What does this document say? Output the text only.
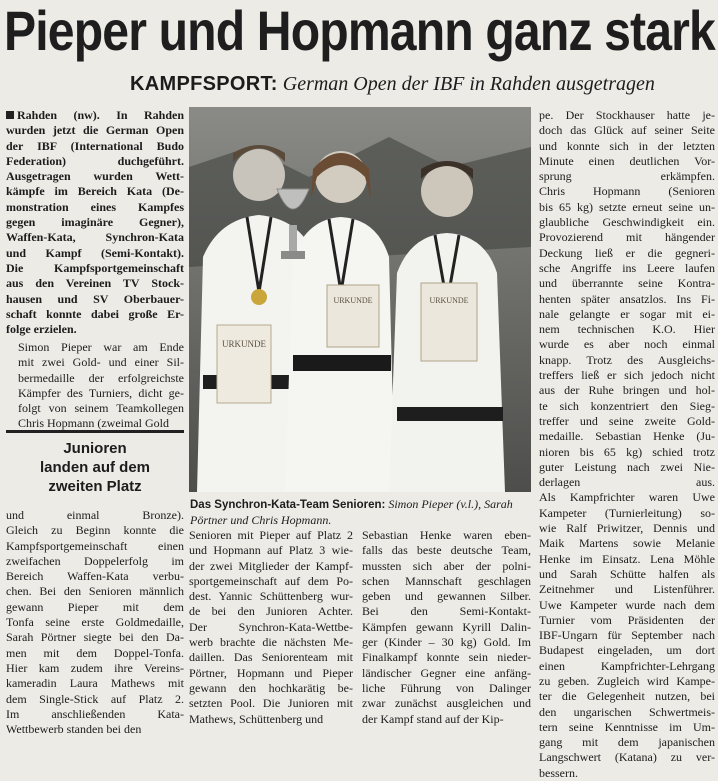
Pieper und Hopmann ganz stark
KAMPFSPORT: German Open der IBF in Rahden ausgetragen

Rahden (nw). In Rahden
wurden jetzt die German Open
der IBF (International Budo
Federation) duchgeführt.
Ausgetragen wurden Wett-
kämpfe im Bereich Kata (De-
monstration eines Kampfes
gegen imaginäre Gegner),
Waffen-Kata, Synchron-Kata
und Kampf (Semi-Kontakt).
Die Kampfsportgemeinschaft
aus den Vereinen TV Stock-
hausen und SV Oberbauer-
schaft konnte dabei große Er-
folge erzielen.

Simon Pieper war am Ende
mit zwei Gold- und einer Sil-
bermedaille der erfolgreichste
Kämpfer des Turniers, dicht ge-
folgt von seinem Teamkollegen
Chris Hopmann (zweimal Gold

Junioren
landen auf dem
zweiten Platz

und einmal Bronze).
Gleich zu Beginn konnte die
Kampfsportgemeinschaft einen
zweifachen Doppelerfolg im
Bereich Waffen-Kata verbu-
chen. Bei den Senioren männlich
gewann Pieper mit dem
Tonfa seine erste Goldmedaille,
Sarah Pörtner siegte bei den Da-
men mit dem Doppel-Tonfa.
Hier kam zudem ihre Vereins-
kameradin Laura Mathews mit
dem Single-Stick auf Platz 2.
Im anschließenden Kata-
Wettbewerb standen bei den

URKUNDE
URKUNDE	URKUNDE
Das Synchron-Kata-Team Senioren: Simon Pieper (v.l.), Sarah Pörtner und Chris Hopmann.

Senioren mit Pieper auf Platz 2
und Hopmann auf Platz 3 wie-
der zwei Mitglieder der Kampf-
sportgemeinschaft auf dem Po-
dest. Yannic Schüttenberg wur-
de bei den Junioren Achter.
Der Synchron-Kata-Wettbe-
werb brachte die nächsten Me-
daillen. Das Seniorenteam mit
Pörtner, Hopmann und Pieper
gewann den hochkarätig be-
setzten Pool. Die Junioren mit
Mathews, Schüttenberg und

Sebastian Henke waren eben-
falls das beste deutsche Team,
mussten sich aber der polni-
schen Mannschaft geschlagen
geben und gewannen Silber.
Bei den Semi-Kontakt-
Kämpfen gewann Kyrill Dalin-
ger (Kinder – 30 kg) Gold. Im
Finalkampf konnte sein nieder-
ländischer Gegner eine anfäng-
liche Führung von Dalinger
zwar zunächst ausgleichen und
der Kampf stand auf der Kip-

pe. Der Stockhauser hatte je-
doch das Glück auf seiner Seite
und konnte sich in der letzten
Minute einen deutlichen Vor-
sprung erkämpfen.
Chris Hopmann (Senioren
bis 65 kg) setzte erneut seine un-
glaubliche Geschwindigkeit ein.
Provozierend mit hängender
Deckung ließ er die gegneri-
sche Angriffe ins Leere laufen
und überrannte seine Kontra-
henten später ansatzlos. Ins Fi-
nale gelangte er sogar mit ei-
nem technischen K.O. Hier
wurde es aber noch einmal
knapp. Trotz des Ausgleichs-
treffers ließ er sich jedoch nicht
aus der Ruhe bringen und hol-
te sich konzentriert den Sieg-
treffer und seine zweite Gold-
medaille. Sebastian Henke (Ju-
nioren bis 65 kg) schied trotz
guter Leistung nach zwei Nie-
derlagen aus.
Als Kampfrichter waren Uwe
Kampeter (Turnierleitung) so-
wie Ralf Priwitzer, Dennis und
Maik Martens sowie Melanie
Henke im Einsatz. Lena Möhle
und Sarah Schütte halfen als
Zeitnehmer und Listenführer.
Uwe Kampeter wurde nach dem
Turnier vom Präsidenten der
IBF-Ungarn für September nach
Budapest eingeladen, um dort
einen Kampfrichter-Lehrgang
zu geben. Zugleich wird Kampe-
ter die Gelegenheit nutzen, bei
den ungarischen Schwertmeis-
tern seine Kenntnisse im Um-
gang mit dem japanischen
Langschwert (Katana) zu ver-
bessern.
